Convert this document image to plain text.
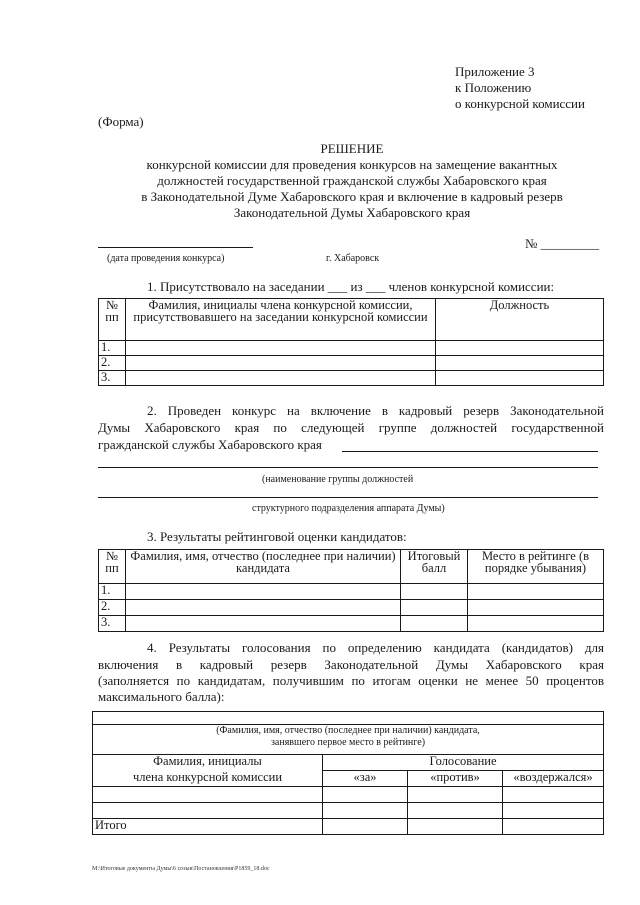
Приложение 3
к Положению
о конкурсной комиссии
(Форма)
РЕШЕНИЕ
конкурсной комиссии для проведения конкурсов на замещение вакантных
должностей государственной гражданской службы Хабаровского края
в Законодательной Думе Хабаровского края и включение в кадровый резерв
Законодательной Думы Хабаровского края
№ _________
(дата проведения конкурса)	г. Хабаровск
1. Присутствовало на заседании ___ из ___ членов конкурсной комиссии:
№ пп	Фамилия, инициалы члена конкурсной комиссии, присутствовавшего на заседании конкурсной комиссии	Должность
1.		
2.		
3.		
2. Проведен конкурс на включение в кадровый резерв Законодательной
Думы Хабаровского края по следующей группе должностей государственной
гражданской службы Хабаровского края
(наименование группы должностей
структурного подразделения аппарата Думы)
3. Результаты рейтинговой оценки кандидатов:
№ пп	Фамилия, имя, отчество (последнее при наличии) кандидата	Итоговый балл	Место в рейтинге (в порядке убывания)
1.			
2.			
3.			
4. Результаты голосования по определению кандидата (кандидатов) для
включения в кадровый резерв Законодательной Думы Хабаровского края
(заполняется по кандидатам, получившим по итогам оценки не менее 50 процентов
максимального балла):

(Фамилия, имя, отчество (последнее при наличии) кандидата,
занявшего первое место в рейтинге)			

Фамилия, инициалы
члена конкурсной комиссии	Голосование		
	«за»	«против»	«воздержался»

Итого			
M:\Итоговые документы Думы\6 созыв\Постановления\P1859_18.doc
